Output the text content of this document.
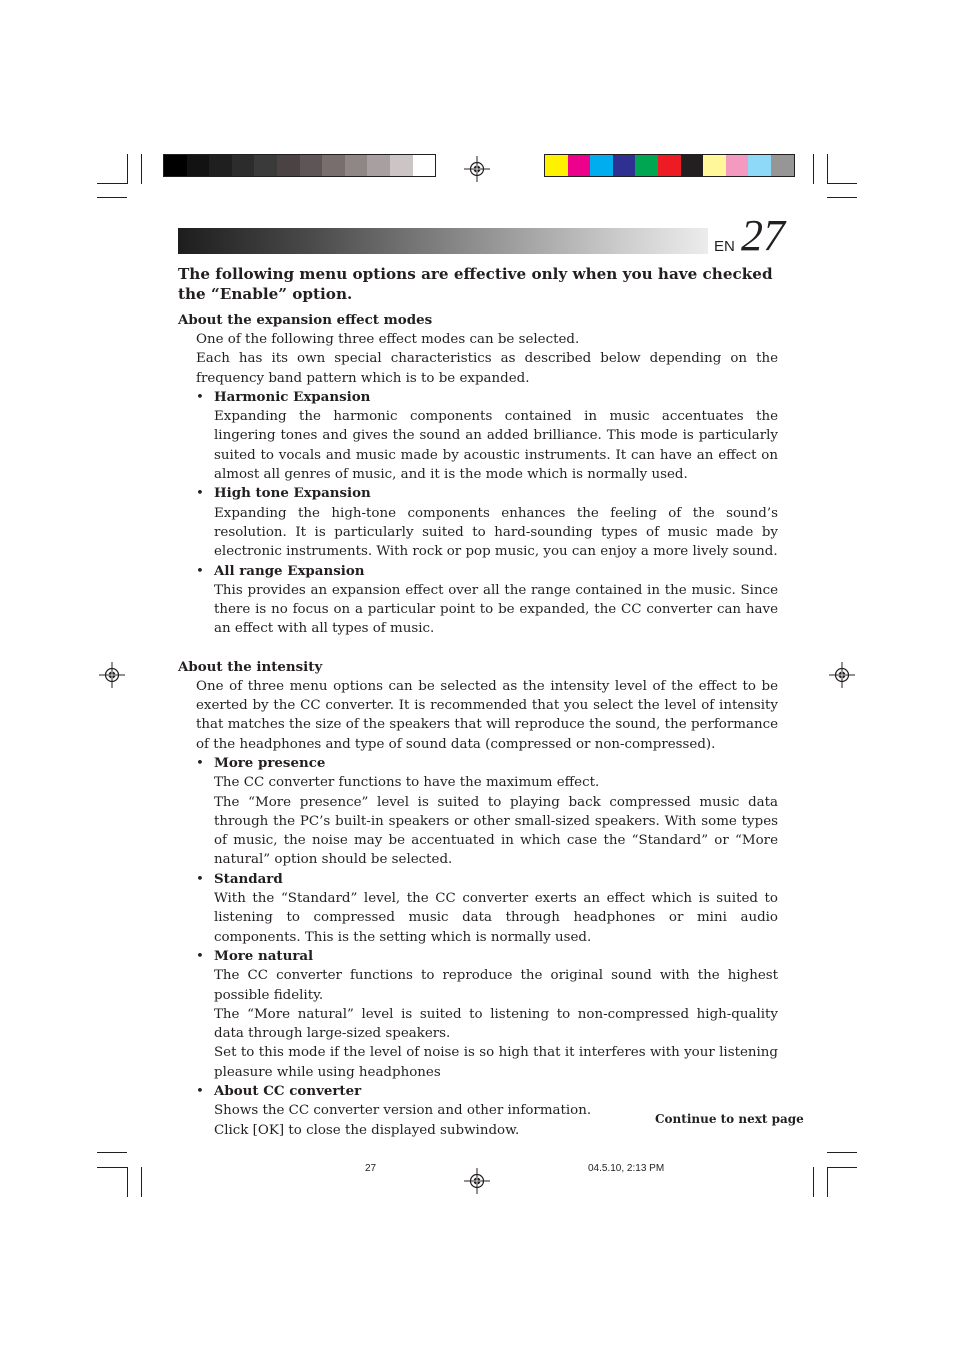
EN 27

The following menu options are effective only when you have checked the “Enable” option.

About the expansion effect modes

One of the following three effect modes can be selected.

Each has its own special characteristics as described below depending on the frequency band pattern which is to be expanded.

• Harmonic Expansion

Expanding the harmonic components contained in music accentuates the lingering tones and gives the sound an added brilliance. This mode is particularly suited to vocals and music made by acoustic instruments. It can have an effect on almost all genres of music, and it is the mode which is normally used.

• High tone Expansion

Expanding the high-tone components enhances the feeling of the sound’s resolution. It is particularly suited to hard-sounding types of music made by electronic instruments. With rock or pop music, you can enjoy a more lively sound.

• All range Expansion

This provides an expansion effect over all the range contained in the music. Since there is no focus on a particular point to be expanded, the CC converter can have an effect with all types of music.

About the intensity

One of three menu options can be selected as the intensity level of the effect to be exerted by the CC converter. It is recommended that you select the level of intensity that matches the size of the speakers that will reproduce the sound, the performance of the headphones and type of sound data (compressed or non-compressed).

• More presence

The CC converter functions to have the maximum effect.

The “More presence” level is suited to playing back compressed music data through the PC’s built-in speakers or other small-sized speakers. With some types of music, the noise may be accentuated in which case the “Standard” or “More natural” option should be selected.

• Standard

With the “Standard” level, the CC converter exerts an effect which is suited to listening to compressed music data through headphones or mini audio components. This is the setting which is normally used.

• More natural

The CC converter functions to reproduce the original sound with the highest possible fidelity.

The “More natural” level is suited to listening to non-compressed high-quality data through large-sized speakers.

Set to this mode if the level of noise is so high that it interferes with your listening pleasure while using headphones

• About CC converter

Shows the CC converter version and other information.

Click [OK] to close the displayed subwindow.

Continue to next page
27	04.5.10, 2:13 PM
